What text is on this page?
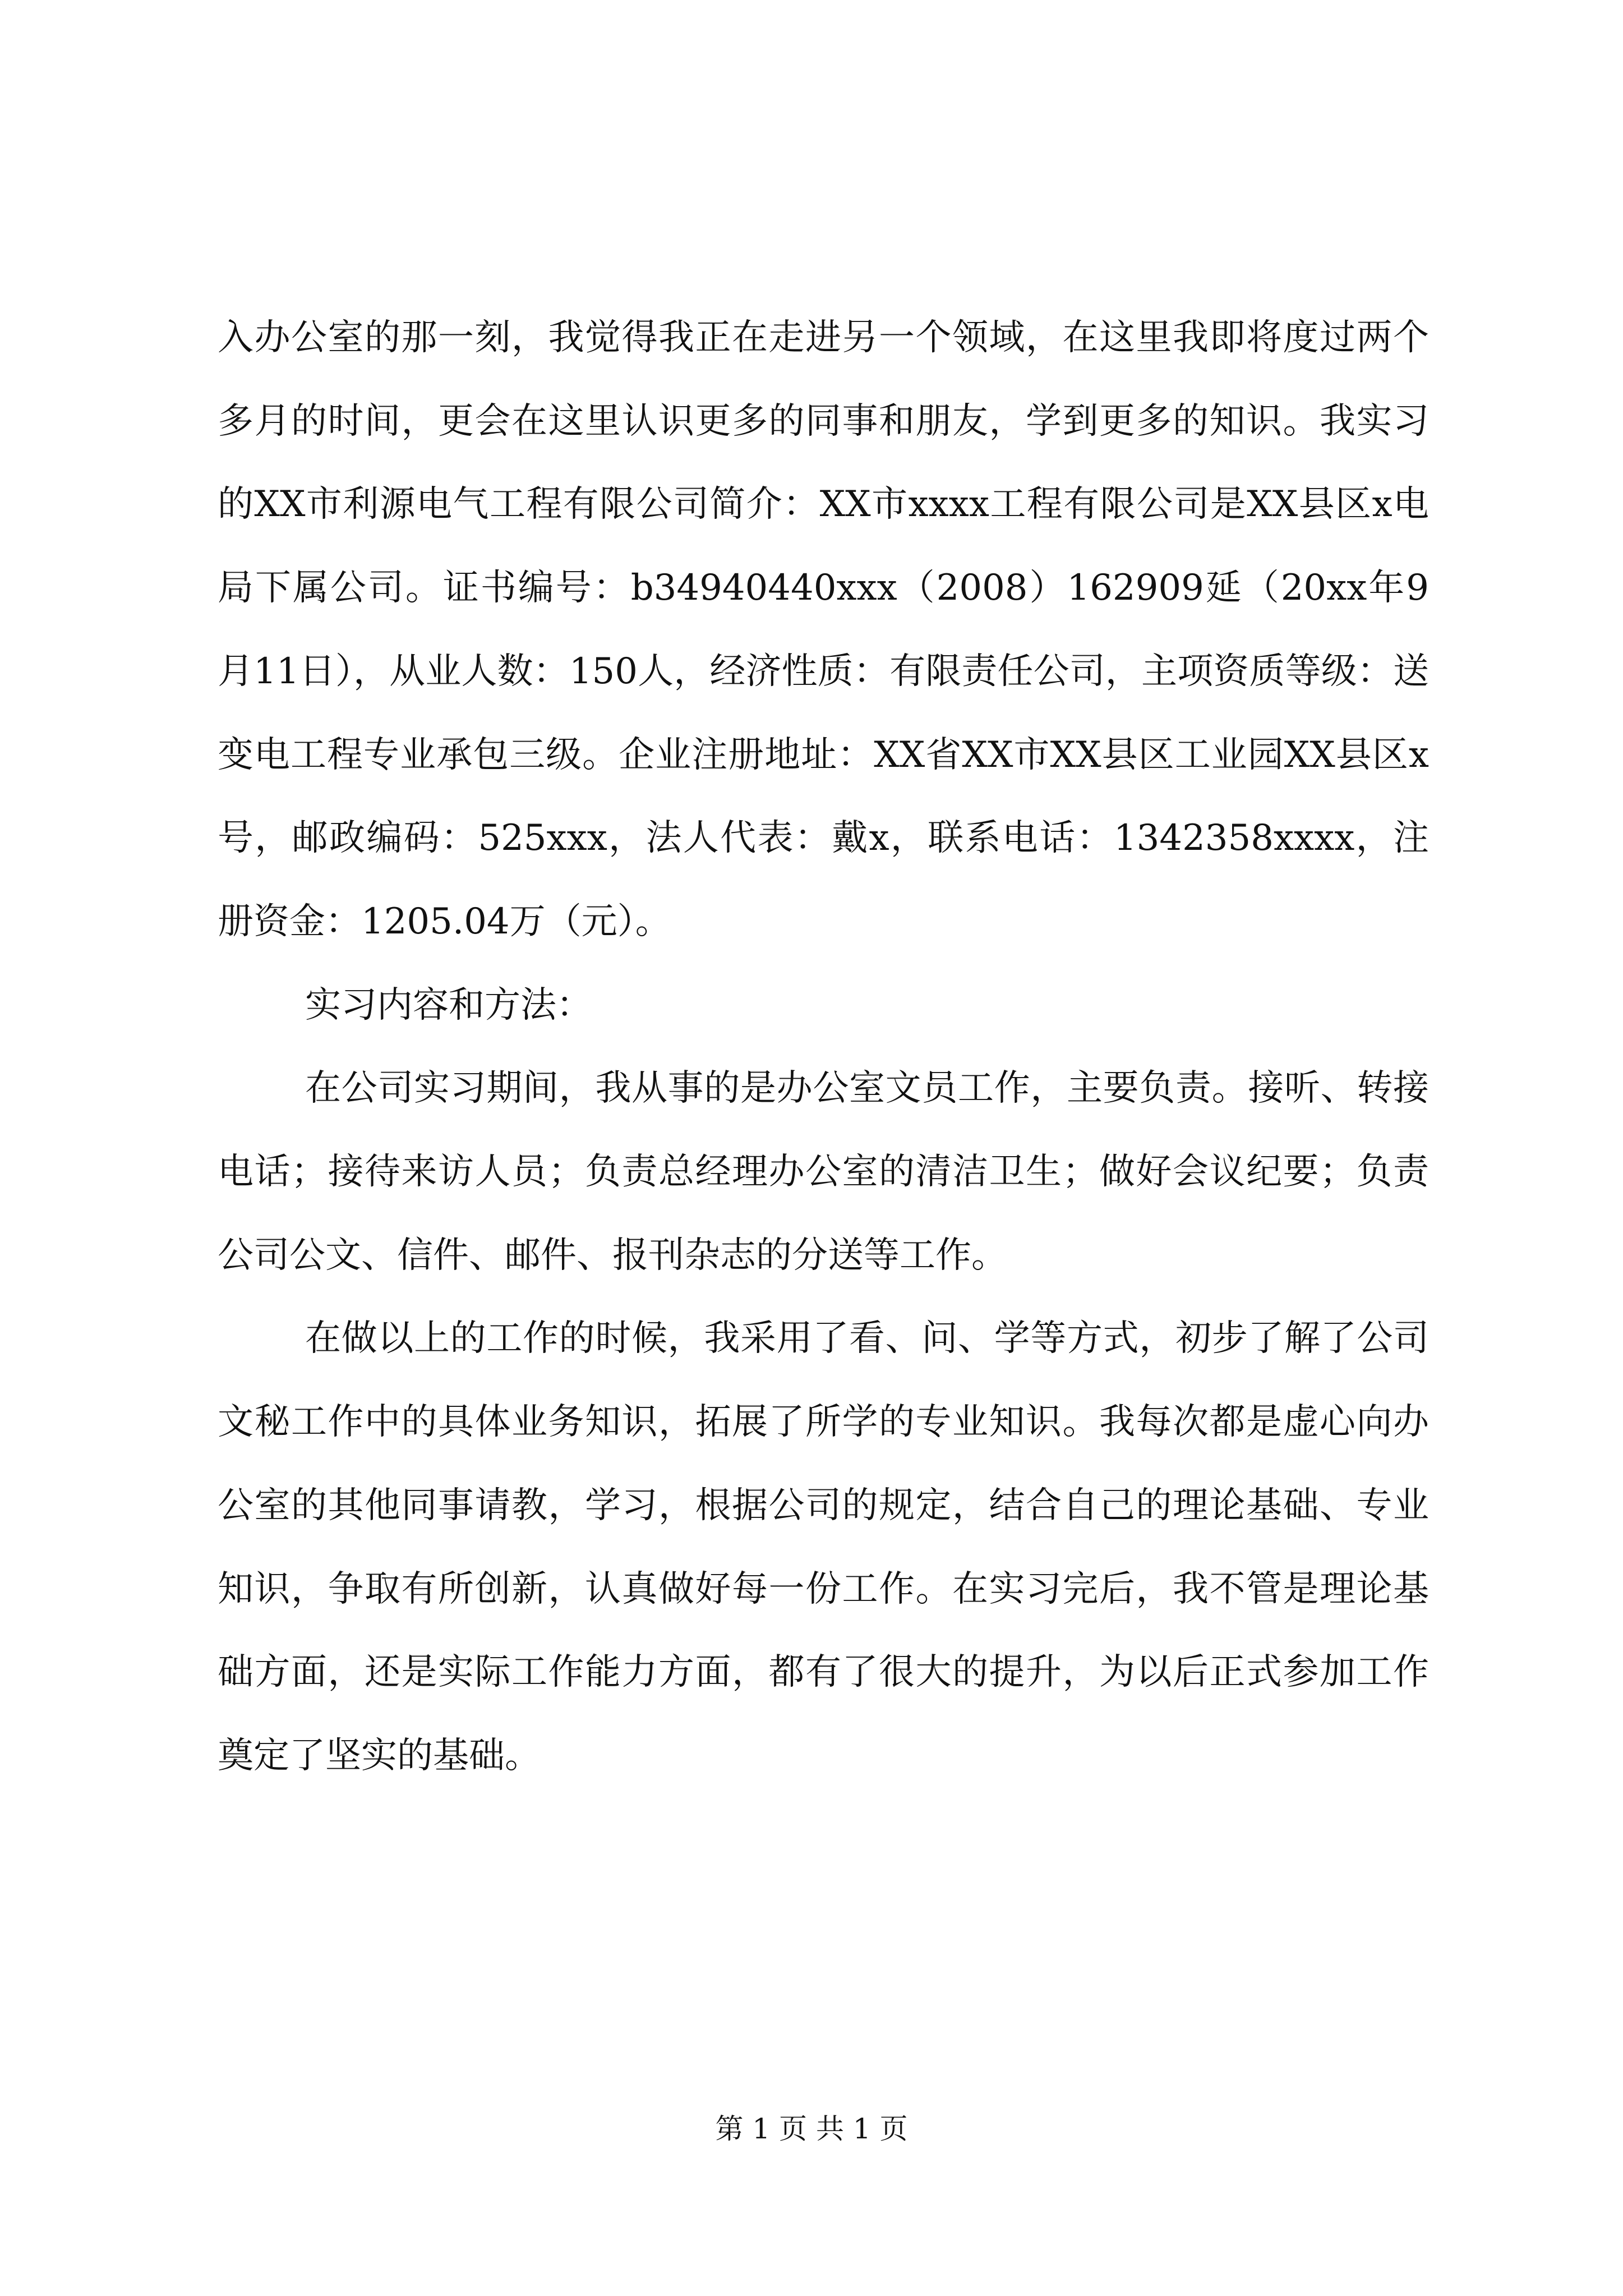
入办公室的那一刻，我觉得我正在走进另一个领域，在这里我即将度过两个多月的时间，更会在这里认识更多的同事和朋友，学到更多的知识。我实习的XX市利源电气工程有限公司简介：XX市xxxx工程有限公司是XX县区x电局下属公司。证书编号：b34940440xxx（2008）162909延（20xx年9月11日），从业人数：150人，经济性质：有限责任公司，主项资质等级：送变电工程专业承包三级。企业注册地址：XX省XX市XX县区工业园XX县区x号，邮政编码：525xxx，法人代表：戴x，联系电话：1342358xxxx，注册资金：1205.04万（元）。

实习内容和方法：

在公司实习期间，我从事的是办公室文员工作，主要负责。接听、转接电话；接待来访人员；负责总经理办公室的清洁卫生；做好会议纪要；负责公司公文、信件、邮件、报刊杂志的分送等工作。

在做以上的工作的时候，我采用了看、问、学等方式，初步了解了公司文秘工作中的具体业务知识，拓展了所学的专业知识。我每次都是虚心向办公室的其他同事请教，学习，根据公司的规定，结合自己的理论基础、专业知识，争取有所创新，认真做好每一份工作。在实习完后，我不管是理论基础方面，还是实际工作能力方面，都有了很大的提升，为以后正式参加工作奠定了坚实的基础。

第 1 页 共 1 页
